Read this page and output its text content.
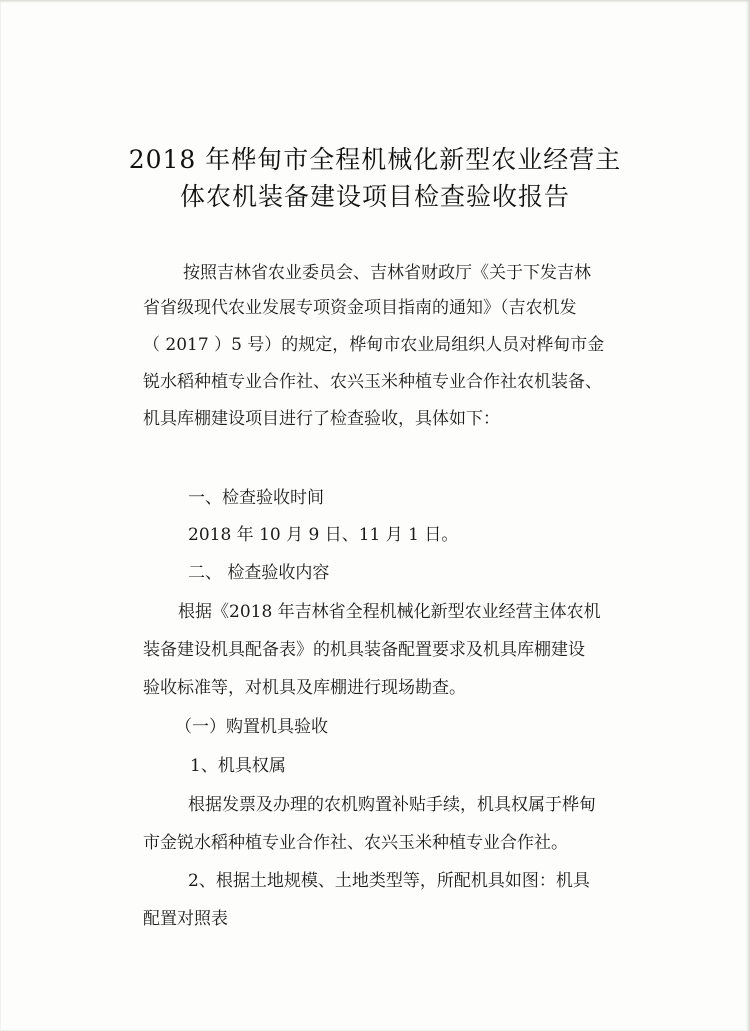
2018 年桦甸市全程机械化新型农业经营主
体农机装备建设项目检查验收报告
按照吉林省农业委员会、吉林省财政厅《关于下发吉林
省省级现代农业发展专项资金项目指南的通知》（吉农机发
（ 2017 ）5 号）的规定，桦甸市农业局组织人员对桦甸市金
锐水稻种植专业合作社、农兴玉米种植专业合作社农机装备、
机具库棚建设项目进行了检查验收，具体如下：
一、检查验收时间
2018 年 10 月 9 日、11 月 1 日。
二、 检查验收内容
根据《2018 年吉林省全程机械化新型农业经营主体农机
装备建设机具配备表》的机具装备配置要求及机具库棚建设
验收标准等，对机具及库棚进行现场勘查。
（一）购置机具验收
1、机具权属
根据发票及办理的农机购置补贴手续，机具权属于桦甸
市金锐水稻种植专业合作社、农兴玉米种植专业合作社。
2、根据土地规模、土地类型等，所配机具如图：机具
配置对照表
